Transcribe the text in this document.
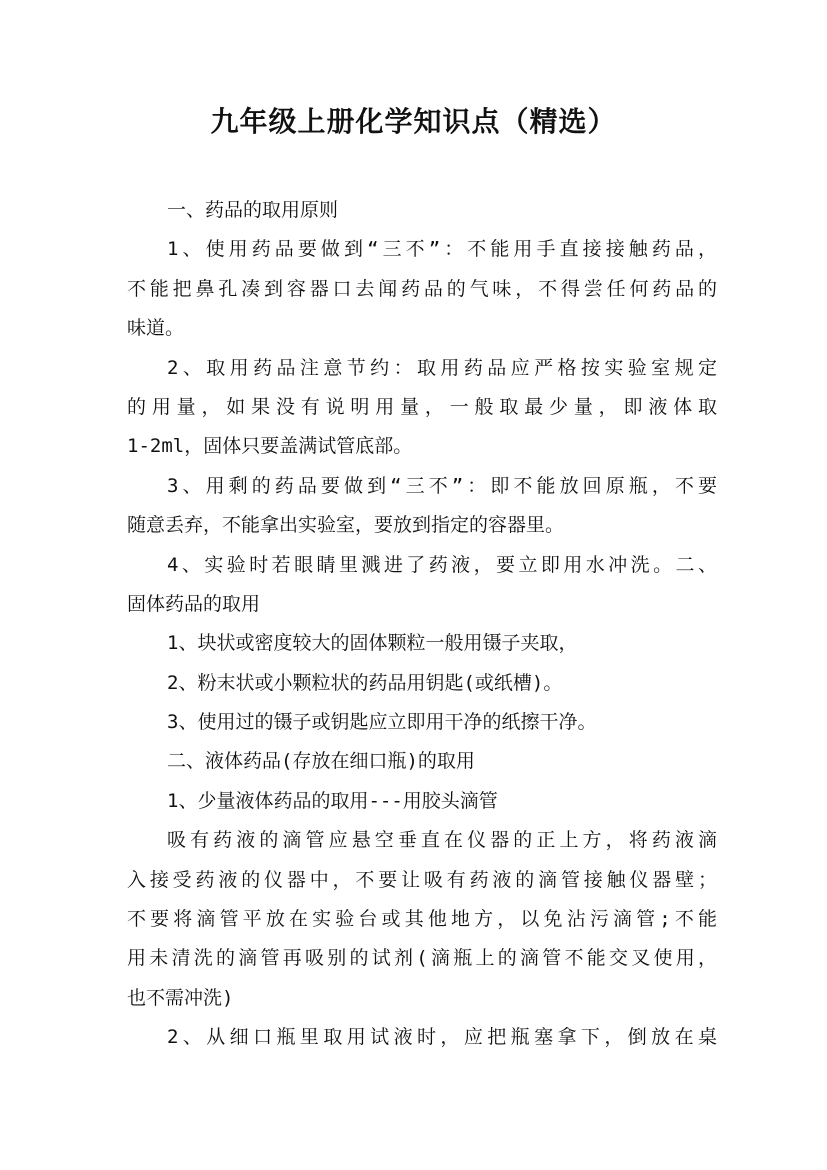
九年级上册化学知识点（精选）
一、药品的取用原则
1、使用药品要做到“三不”：不能用手直接接触药品，
不能把鼻孔凑到容器口去闻药品的气味，不得尝任何药品的
味道。
2、取用药品注意节约：取用药品应严格按实验室规定
的用量，如果没有说明用量，一般取最少量，即液体取
1-2ml，固体只要盖满试管底部。
3、用剩的药品要做到“三不”：即不能放回原瓶，不要
随意丢弃，不能拿出实验室，要放到指定的容器里。
4、实验时若眼睛里溅进了药液，要立即用水冲洗。二、
固体药品的取用
1、块状或密度较大的固体颗粒一般用镊子夹取，
2、粉末状或小颗粒状的药品用钥匙(或纸槽)。
3、使用过的镊子或钥匙应立即用干净的纸擦干净。
二、液体药品(存放在细口瓶)的取用
1、少量液体药品的取用---用胶头滴管
吸有药液的滴管应悬空垂直在仪器的正上方，将药液滴
入接受药液的仪器中，不要让吸有药液的滴管接触仪器壁；
不要将滴管平放在实验台或其他地方，以免沾污滴管;不能
用未清洗的滴管再吸别的试剂(滴瓶上的滴管不能交叉使用，
也不需冲洗)
2、从细口瓶里取用试液时，应把瓶塞拿下，倒放在桌
